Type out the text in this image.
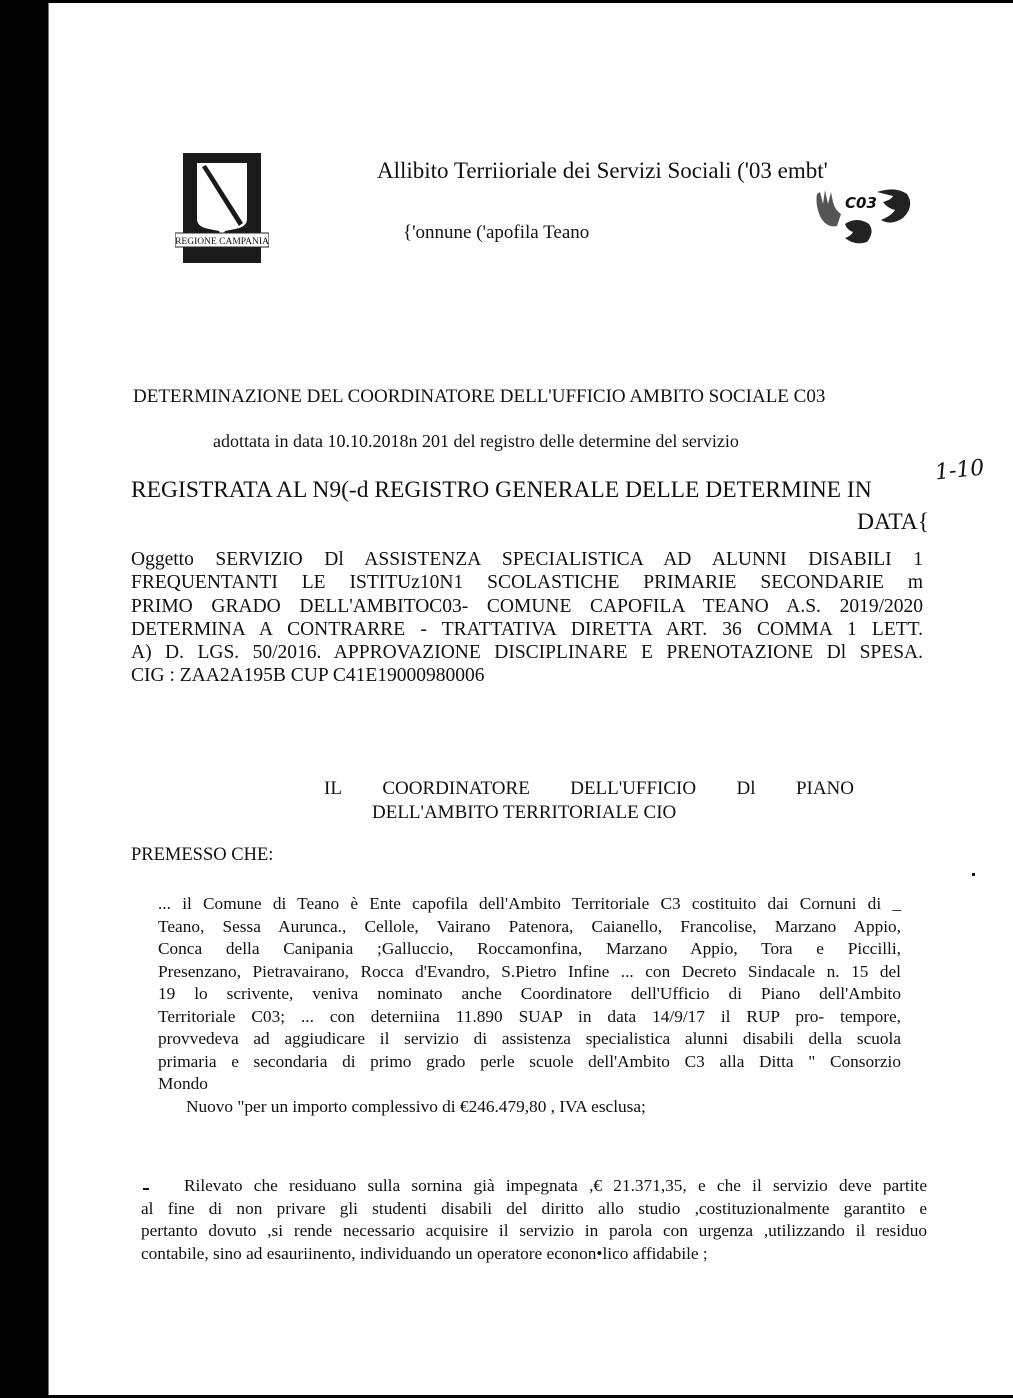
REGIONE CAMPANIA
C03
Allibito Terriioriale dei Servizi Sociali ('03 embt'
{'onnune ('apofila Teano
DETERMINAZIONE DEL COORDINATORE DELL'UFFICIO AMBITO SOCIALE C03
adottata in data 10.10.2018n 201 del registro delle determine del servizio
REGISTRATA AL N9(-d REGISTRO GENERALE DELLE DETERMINE IN
DATA{
1-10
Oggetto SERVIZIO Dl ASSISTENZA SPECIALISTICA AD ALUNNI DISABILI 1
FREQUENTANTI LE ISTITUz10N1 SCOLASTICHE PRIMARIE SECONDARIE m
PRIMO GRADO DELL'AMBITOC03- COMUNE CAPOFILA TEANO A.S. 2019/2020
DETERMINA A CONTRARRE - TRATTATIVA DIRETTA ART. 36 COMMA 1 LETT.
A) D. LGS. 50/2016. APPROVAZIONE DISCIPLINARE E PRENOTAZIONE Dl SPESA.
CIG : ZAA2A195B CUP C41E19000980006
IL COORDINATORE DELL'UFFICIO Dl PIANO
DELL'AMBITO TERRITORIALE CIO
PREMESSO CHE:
... il Comune di Teano è Ente capofila dell'Ambito Territoriale C3 costituito dai Cornuni di _
Teano, Sessa Aurunca., Cellole, Vairano Patenora, Caianello, Francolise, Marzano Appio,
Conca della Canipania ;Galluccio, Roccamonfina, Marzano Appio, Tora e Piccilli,
Presenzano, Pietravairano, Rocca d'Evandro, S.Pietro Infine ... con Decreto Sindacale n. 15 del
19 lo scrivente, veniva nominato anche Coordinatore dell'Ufficio di Piano dell'Ambito
Territoriale C03; ... con deterniina 11.890 SUAP in data 14/9/17 il RUP pro- tempore,
provvedeva ad aggiudicare il servizio di assistenza specialistica alunni disabili della scuola
primaria e secondaria di primo grado perle scuole dell'Ambito C3 alla Ditta " Consorzio
Mondo
Nuovo "per un importo complessivo di €246.479,80 , IVA esclusa;
Rilevato che residuano sulla sornina già impegnata ,€ 21.371,35, e che il servizio deve partite
al fine di non privare gli studenti disabili del diritto allo studio ,costituzionalmente garantito e
pertanto dovuto ,si rende necessario acquisire il servizio in parola con urgenza ,utilizzando il residuo
contabile, sino ad esauriinento, individuando un operatore econon•lico affidabile ;
